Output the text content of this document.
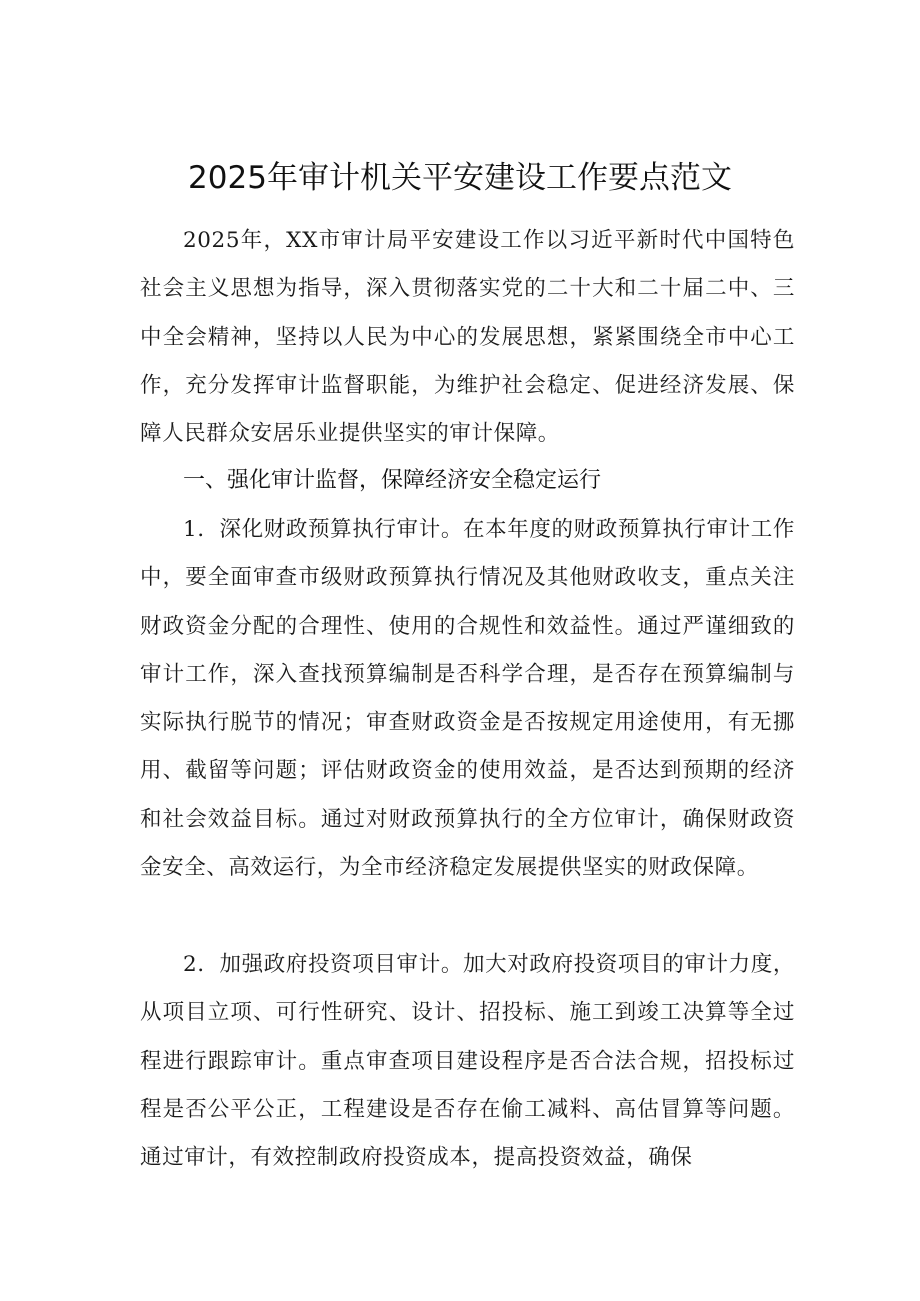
2025年审计机关平安建设工作要点范文

2025年，XX市审计局平安建设工作以习近平新时代中国特色社会主义思想为指导，深入贯彻落实党的二十大和二十届二中、三中全会精神，坚持以人民为中心的发展思想，紧紧围绕全市中心工作，充分发挥审计监督职能，为维护社会稳定、促进经济发展、保障人民群众安居乐业提供坚实的审计保障。

一、强化审计监督，保障经济安全稳定运行

1．深化财政预算执行审计。在本年度的财政预算执行审计工作中，要全面审查市级财政预算执行情况及其他财政收支，重点关注财政资金分配的合理性、使用的合规性和效益性。通过严谨细致的审计工作，深入查找预算编制是否科学合理，是否存在预算编制与实际执行脱节的情况；审查财政资金是否按规定用途使用，有无挪用、截留等问题；评估财政资金的使用效益，是否达到预期的经济和社会效益目标。通过对财政预算执行的全方位审计，确保财政资金安全、高效运行，为全市经济稳定发展提供坚实的财政保障。

2．加强政府投资项目审计。加大对政府投资项目的审计力度，从项目立项、可行性研究、设计、招投标、施工到竣工决算等全过程进行跟踪审计。重点审查项目建设程序是否合法合规，招投标过程是否公平公正，工程建设是否存在偷工减料、高估冒算等问题。通过审计，有效控制政府投资成本，提高投资效益，确保
